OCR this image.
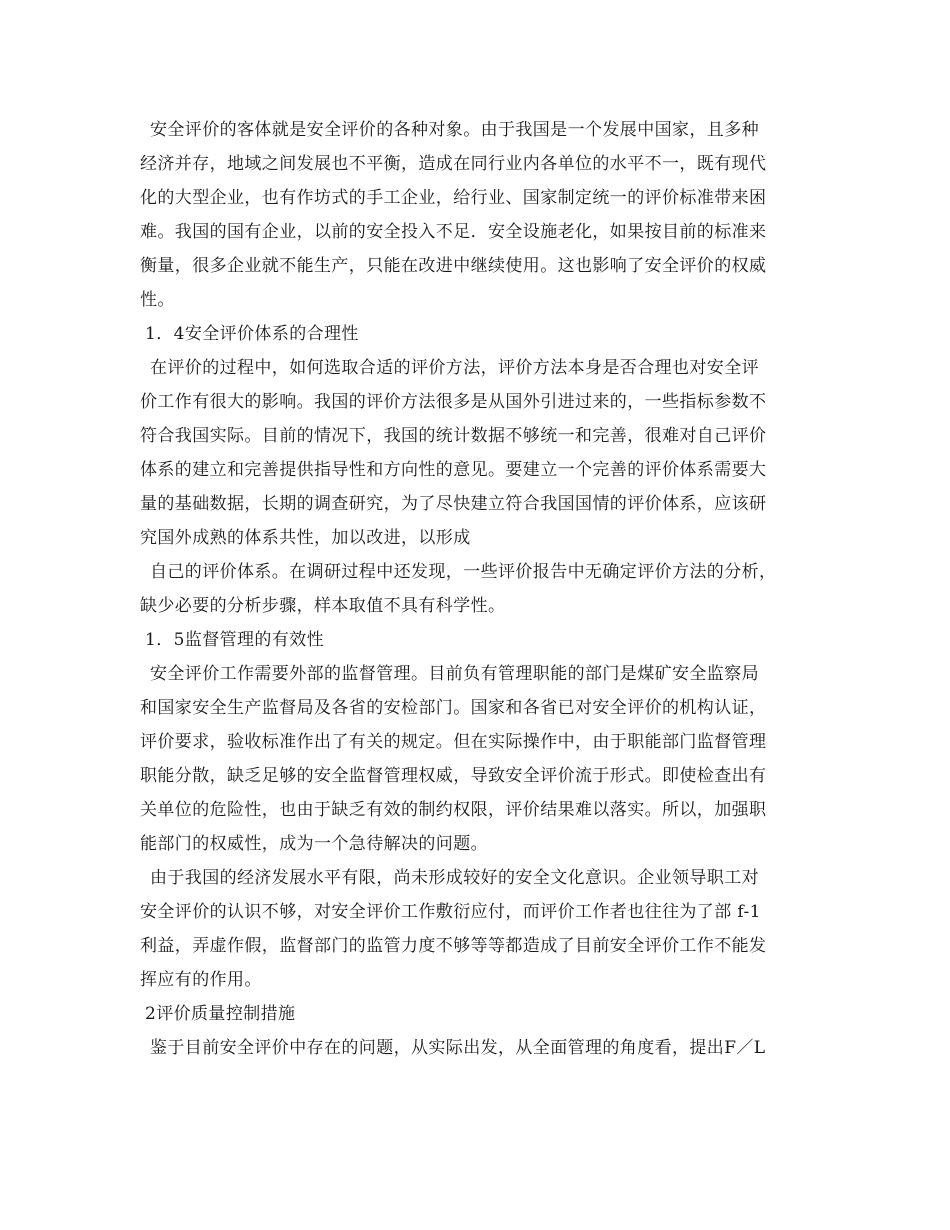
安全评价的客体就是安全评价的各种对象。由于我国是一个发展中国家，且多种
经济并存，地域之间发展也不平衡，造成在同行业内各单位的水平不一，既有现代
化的大型企业，也有作坊式的手工企业，给行业、国家制定统一的评价标准带来困
难。我国的国有企业，以前的安全投入不足．安全设施老化，如果按目前的标准来
衡量，很多企业就不能生产，只能在改进中继续使用。这也影响了安全评价的权威
性。
1．4安全评价体系的合理性
在评价的过程中，如何选取合适的评价方法，评价方法本身是否合理也对安全评
价工作有很大的影响。我国的评价方法很多是从国外引进过来的，一些指标参数不
符合我国实际。目前的情况下，我国的统计数据不够统一和完善，很难对自己评价
体系的建立和完善提供指导性和方向性的意见。要建立一个完善的评价体系需要大
量的基础数据，长期的调查研究，为了尽快建立符合我国国情的评价体系，应该研
究国外成熟的体系共性，加以改进，以形成
自己的评价体系。在调研过程中还发现，一些评价报告中无确定评价方法的分析，
缺少必要的分析步骤，样本取值不具有科学性。
1．5监督管理的有效性
安全评价工作需要外部的监督管理。目前负有管理职能的部门是煤矿安全监察局
和国家安全生产监督局及各省的安检部门。国家和各省已对安全评价的机构认证，
评价要求，验收标准作出了有关的规定。但在实际操作中，由于职能部门监督管理
职能分散，缺乏足够的安全监督管理权威，导致安全评价流于形式。即使检查出有
关单位的危险性，也由于缺乏有效的制约权限，评价结果难以落实。所以，加强职
能部门的权威性，成为一个急待解决的问题。
由于我国的经济发展水平有限，尚未形成较好的安全文化意识。企业领导职工对
安全评价的认识不够，对安全评价工作敷衍应付，而评价工作者也往往为了部 f-1
利益，弄虚作假，监督部门的监管力度不够等等都造成了目前安全评价工作不能发
挥应有的作用。
2评价质量控制措施
鉴于目前安全评价中存在的问题，从实际出发，从全面管理的角度看，提出F／L
